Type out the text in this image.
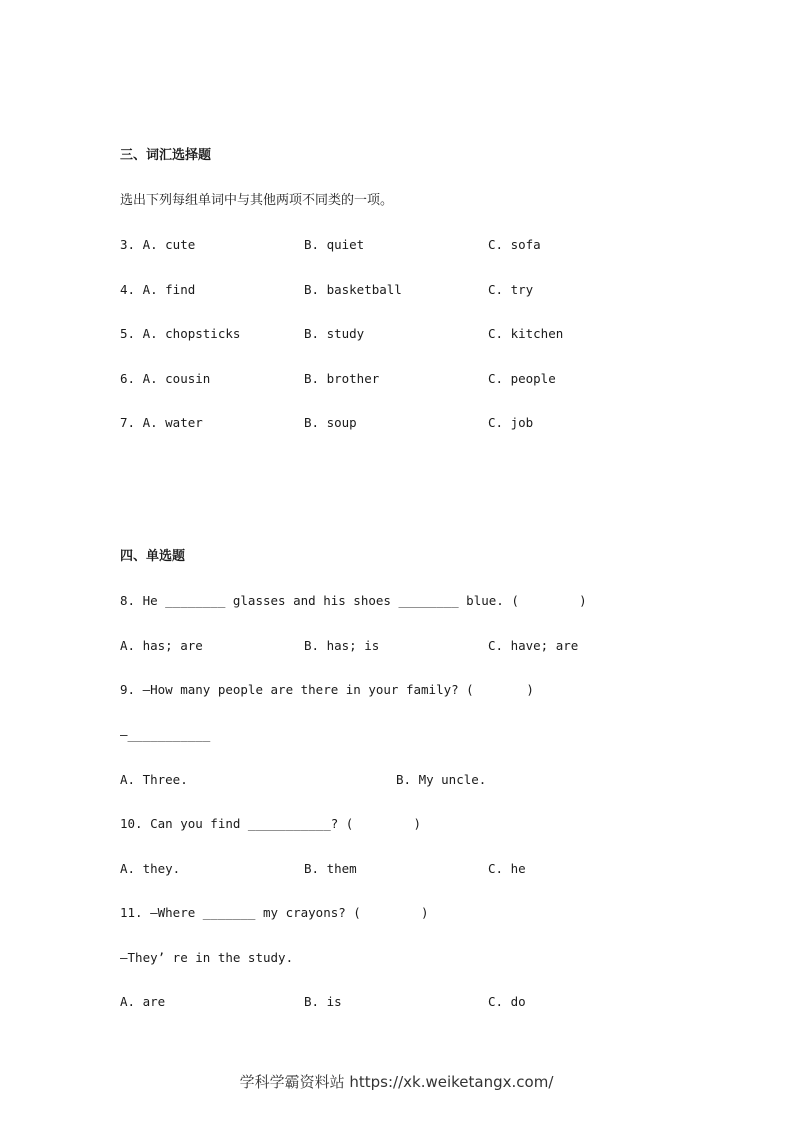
三、词汇选择题
选出下列每组单词中与其他两项不同类的一项。
3. A. cute	B. quiet	C. sofa
4. A. find	B. basketball	C. try
5. A. chopsticks	B. study	C. kitchen
6. A. cousin	B. brother	C. people
7. A. water	B. soup	C. job
四、单选题
8. He ________ glasses and his shoes ________ blue. (        )
A. has; are	B. has; is	C. have; are
9. —How many people are there in your family? (       )
—___________
A. Three.	B. My uncle.
10. Can you find ___________? (        )
A. they.	B. them	C. he
11. —Where _______ my crayons? (        )
—They’ re in the study.
A. are	B. is	C. do
学科学霸资料站 https://xk.weiketangx.com/
